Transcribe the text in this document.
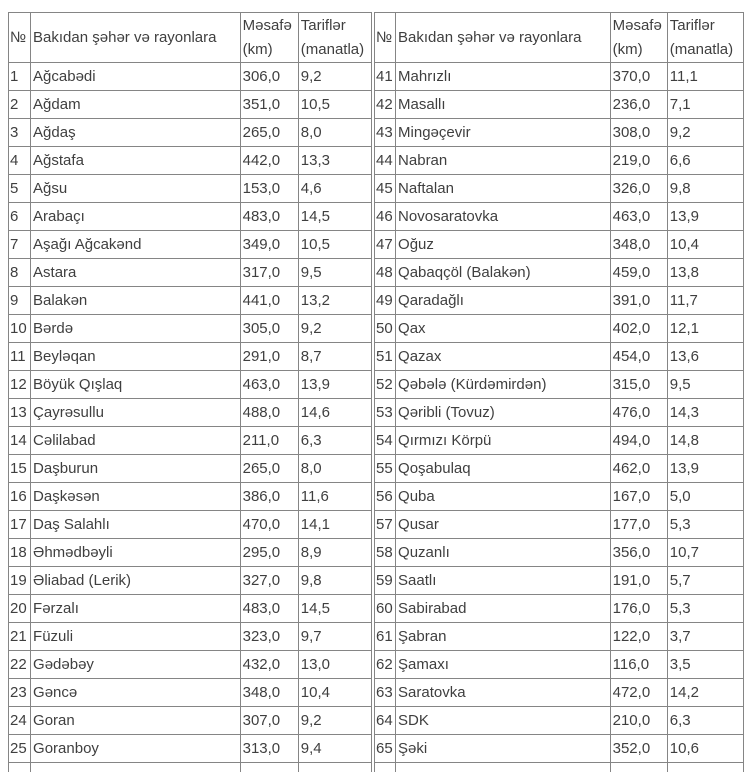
№	Bakıdan şəhər və rayonlara	Məsafə (km)	Tariflər (manatla)
1	Ağcabədi	306,0	9,2
2	Ağdam	351,0	10,5
3	Ağdaş	265,0	8,0
4	Ağstafa	442,0	13,3
5	Ağsu	153,0	4,6
6	Arabaçı	483,0	14,5
7	Aşağı Ağcakənd	349,0	10,5
8	Astara	317,0	9,5
9	Balakən	441,0	13,2
10	Bərdə	305,0	9,2
11	Beyləqan	291,0	8,7
12	Böyük Qışlaq	463,0	13,9
13	Çayrəsullu	488,0	14,6
14	Cəlilabad	211,0	6,3
15	Daşburun	265,0	8,0
16	Daşkəsən	386,0	11,6
17	Daş Salahlı	470,0	14,1
18	Əhmədbəyli	295,0	8,9
19	Əliabad (Lerik)	327,0	9,8
20	Fərzalı	483,0	14,5
21	Füzuli	323,0	9,7
22	Gədəbəy	432,0	13,0
23	Gəncə	348,0	10,4
24	Goran	307,0	9,2
25	Goranboy	313,0	9,4

№	Bakıdan şəhər və rayonlara	Məsafə (km)	Tariflər (manatla)
41	Mahrızlı	370,0	11,1
42	Masallı	236,0	7,1
43	Mingəçevir	308,0	9,2
44	Nabran	219,0	6,6
45	Naftalan	326,0	9,8
46	Novosaratovka	463,0	13,9
47	Oğuz	348,0	10,4
48	Qabaqçöl (Balakən)	459,0	13,8
49	Qaradağlı	391,0	11,7
50	Qax	402,0	12,1
51	Qazax	454,0	13,6
52	Qəbələ (Kürdəmirdən)	315,0	9,5
53	Qəribli (Tovuz)	476,0	14,3
54	Qırmızı Körpü	494,0	14,8
55	Qoşabulaq	462,0	13,9
56	Quba	167,0	5,0
57	Qusar	177,0	5,3
58	Quzanlı	356,0	10,7
59	Saatlı	191,0	5,7
60	Sabirabad	176,0	5,3
61	Şabran	122,0	3,7
62	Şamaxı	116,0	3,5
63	Saratovka	472,0	14,2
64	SDK	210,0	6,3
65	Şəki	352,0	10,6
